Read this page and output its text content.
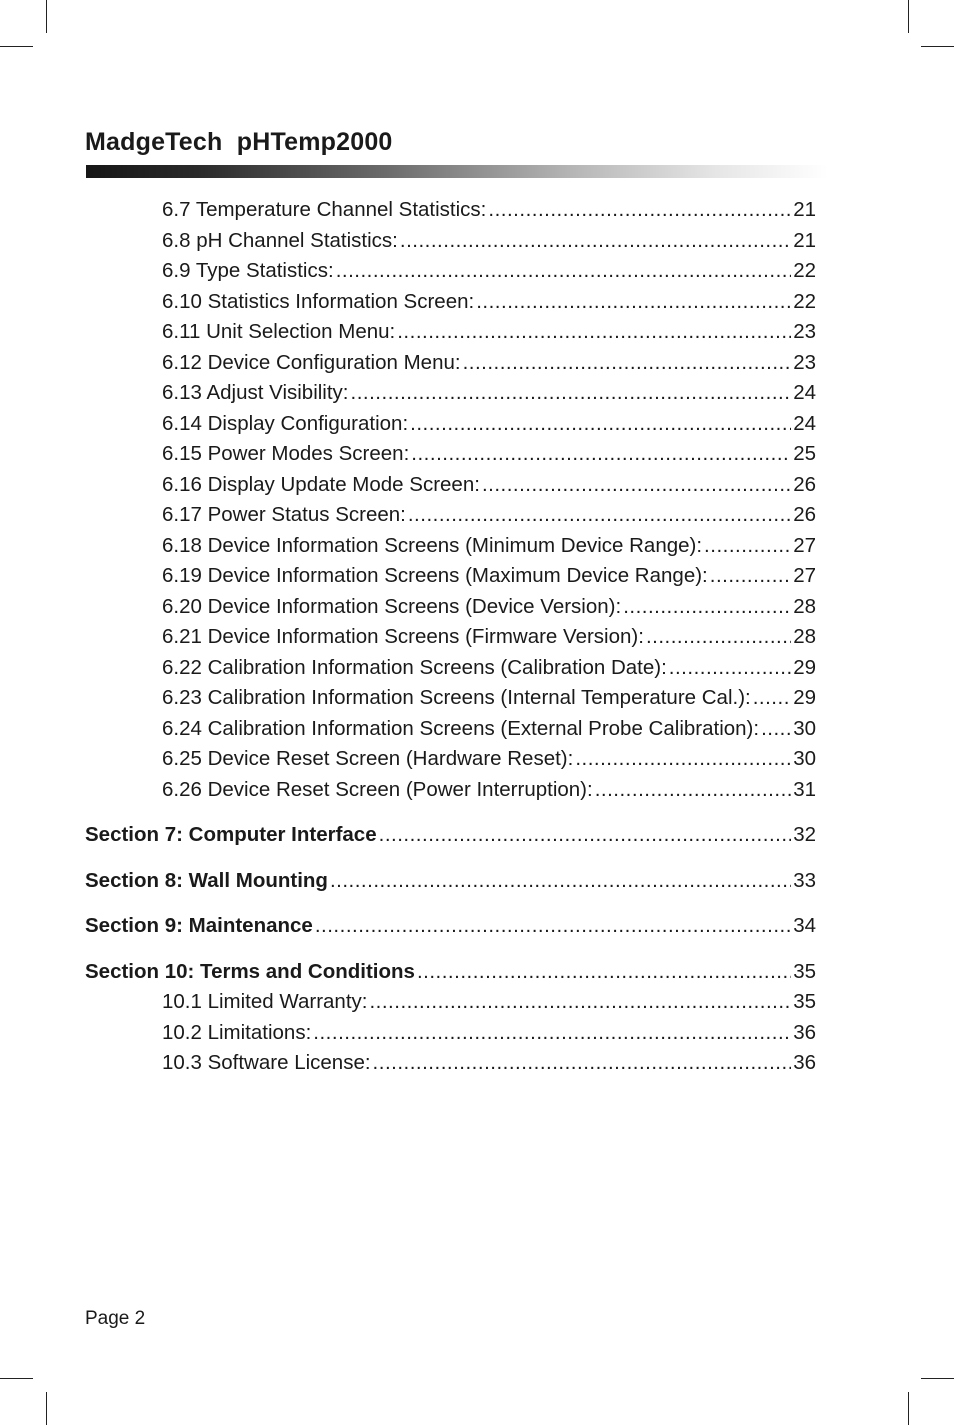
MadgeTech  pHTemp2000
6.7 Temperature Channel Statistics: .....	21
6.8 pH Channel Statistics: .....	21
6.9 Type Statistics: .....	22
6.10 Statistics Information Screen: .....	22
6.11 Unit Selection Menu: .....	23
6.12 Device Configuration Menu: .....	23
6.13 Adjust Visibility: .....	24
6.14 Display Configuration: .....	24
6.15 Power Modes Screen: .....	25
6.16 Display Update Mode Screen: .....	26
6.17 Power Status Screen: .....	26
6.18 Device Information Screens (Minimum Device Range): .....	27
6.19 Device Information Screens (Maximum Device Range): .....	27
6.20 Device Information Screens (Device Version): .....	28
6.21 Device Information Screens (Firmware Version): .....	28
6.22 Calibration Information Screens (Calibration Date): .....	29
6.23 Calibration Information Screens (Internal Temperature Cal.): ..... 29
6.24 Calibration Information Screens (External Probe Calibration): ..... 30
6.25 Device Reset Screen (Hardware Reset): .....	30
6.26 Device Reset Screen (Power Interruption): .....	31
Section 7: Computer Interface .....	32
Section 8: Wall Mounting .....	33
Section 9: Maintenance .....	34
Section 10: Terms and Conditions .....	35
10.1 Limited Warranty: .....	35
10.2 Limitations: .....	36
10.3 Software License: .....	36
Page 2
